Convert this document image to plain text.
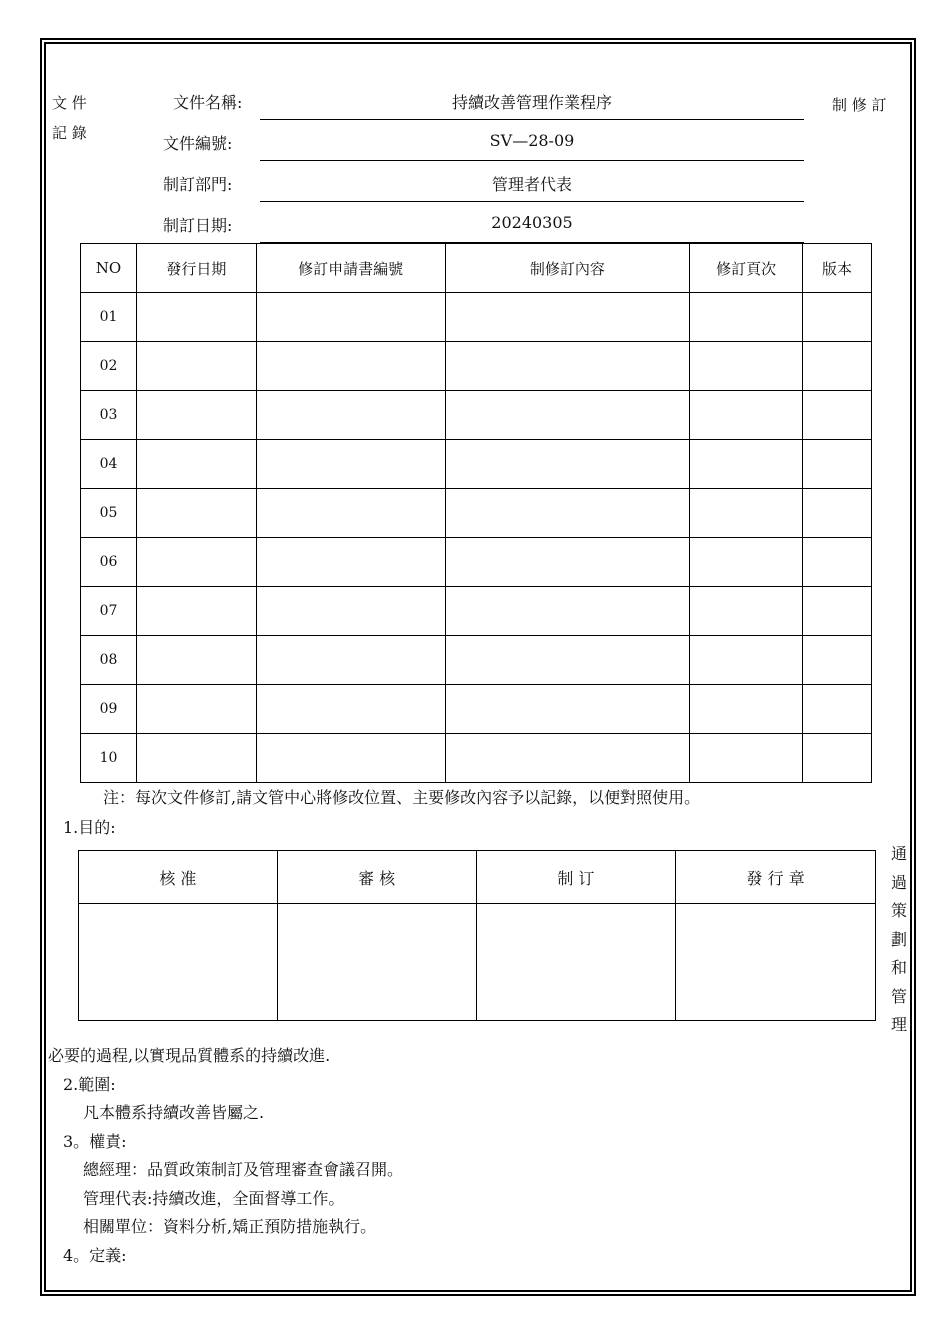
文 件
記 錄
制 修 訂
文件名稱:	持續改善管理作業程序
文件編號:	SV—28-09
制訂部門:	管理者代表
制訂日期:	20240305
NO	發行日期	修訂申請書編號	制修訂內容	修訂頁次	版本
01					
02					
03					
04					
05					
06					
07					
08					
09					
10					
注：每次文件修訂,請文管中心將修改位置、主要修改內容予以記錄，以便對照使用。
1.目的:
核 准	審 核	制 订	發 行 章

通
過
策
劃
和
管
理
必要的過程,以實現品質體系的持續改進.
2.範圍:
凡本體系持續改善皆屬之.
3。權責:
總經理：品質政策制訂及管理審查會議召開。
管理代表:持續改進，全面督導工作。
相關單位：資料分析,矯正預防措施執行。
4。定義:
